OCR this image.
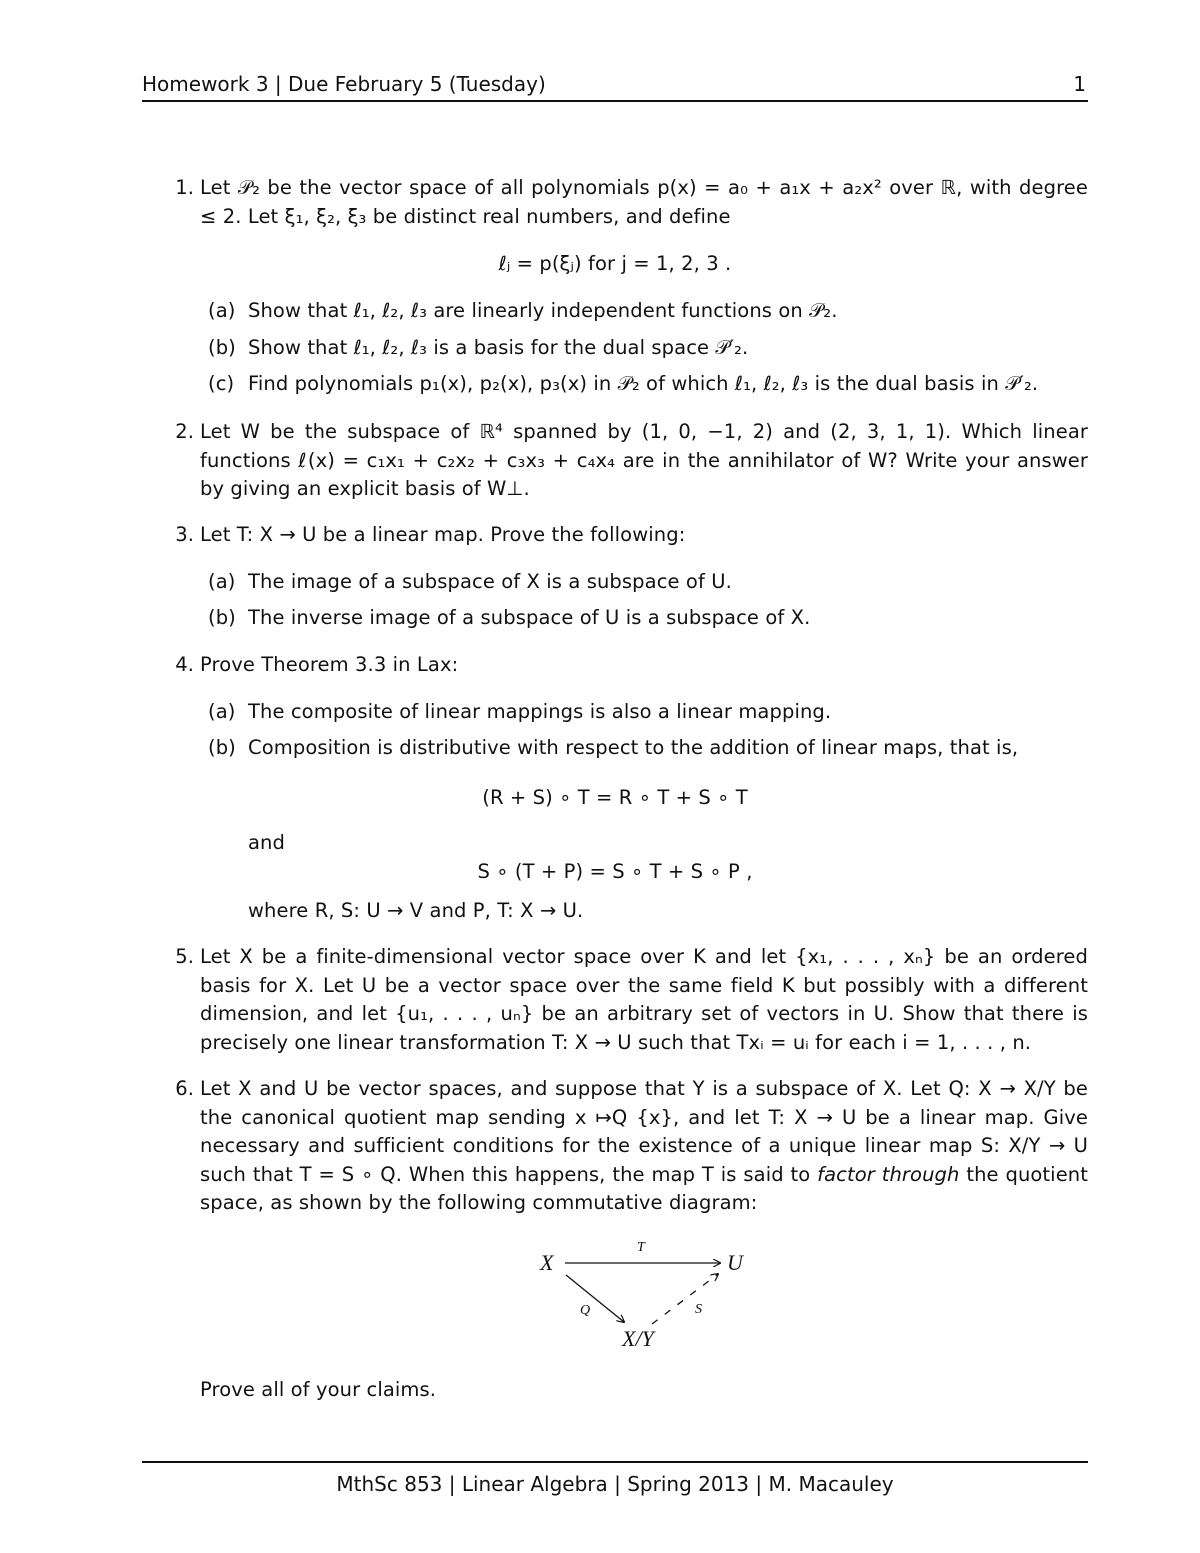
Homework 3 | Due February 5 (Tuesday)	1
1. Let 𝒫₂ be the vector space of all polynomials p(x) = a₀ + a₁x + a₂x² over ℝ, with degree ≤ 2. Let ξ₁, ξ₂, ξ₃ be distinct real numbers, and define
ℓⱼ = p(ξⱼ) for j = 1, 2, 3 .
(a) Show that ℓ₁, ℓ₂, ℓ₃ are linearly independent functions on 𝒫₂.
(b) Show that ℓ₁, ℓ₂, ℓ₃ is a basis for the dual space 𝒫′₂.
(c) Find polynomials p₁(x), p₂(x), p₃(x) in 𝒫₂ of which ℓ₁, ℓ₂, ℓ₃ is the dual basis in 𝒫′₂.
2. Let W be the subspace of ℝ⁴ spanned by (1, 0, −1, 2) and (2, 3, 1, 1). Which linear functions ℓ(x) = c₁x₁ + c₂x₂ + c₃x₃ + c₄x₄ are in the annihilator of W? Write your answer by giving an explicit basis of W⊥.
3. Let T: X → U be a linear map. Prove the following:
(a) The image of a subspace of X is a subspace of U.
(b) The inverse image of a subspace of U is a subspace of X.
4. Prove Theorem 3.3 in Lax:
(a) The composite of linear mappings is also a linear mapping.
(b) Composition is distributive with respect to the addition of linear maps, that is,
(R + S) ∘ T = R ∘ T + S ∘ T
and
S ∘ (T + P) = S ∘ T + S ∘ P ,
where R, S: U → V and P, T: X → U.
5. Let X be a finite-dimensional vector space over K and let {x₁, . . . , xₙ} be an ordered basis for X. Let U be a vector space over the same field K but possibly with a different dimension, and let {u₁, . . . , uₙ} be an arbitrary set of vectors in U. Show that there is precisely one linear transformation T: X → U such that Txᵢ = uᵢ for each i = 1, . . . , n.
6. Let X and U be vector spaces, and suppose that Y is a subspace of X. Let Q: X → X/Y be the canonical quotient map sending x ↦Q {x}, and let T: X → U be a linear map. Give necessary and sufficient conditions for the existence of a unique linear map S: X/Y → U such that T = S ∘ Q. When this happens, the map T is said to factor through the quotient space, as shown by the following commutative diagram:
X	U
X/Y
T
Q	S
Prove all of your claims.
MthSc 853 | Linear Algebra | Spring 2013 | M. Macauley
